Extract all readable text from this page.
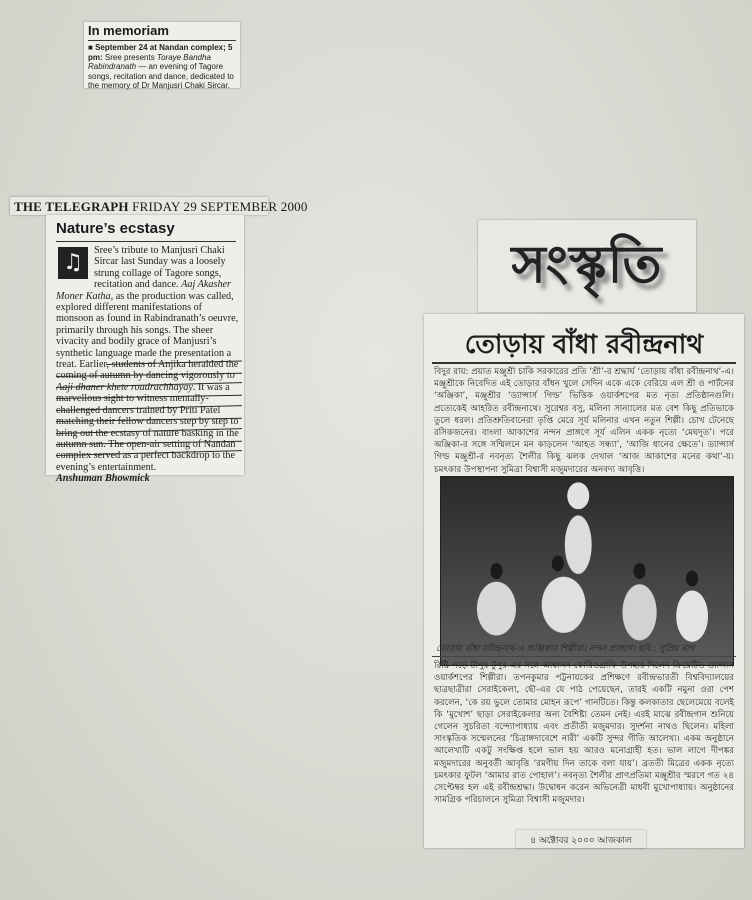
In memoriam
■ September 24 at Nandan complex; 5 pm: Sree presents Toraye Bandha Rabindranath — an evening of Tagore songs, recitation and dance, dedicated to the memory of Dr Manjusri Chaki Sircar.
THE TELEGRAPH FRIDAY 29 SEPTEMBER 2000
Nature’s ecstasy
♫	Sree’s tribute to Manjusri Chaki Sircar last Sunday was a loosely strung collage of Tagore songs, recitation and dance. Aaj Akasher Moner Katha, as the production was called, explored different manifestations of monsoon as found in Rabindranath’s oeuvre, primarily through his songs. The sheer vivacity and bodily grace of Manjusri’s synthetic language made the presentation a treat. Earlier, students of Anjika heralded the coming of autumn by dancing vigorously to Aaji dhaner khete roudrachhayay. It was a marvellous sight to witness mentally-challenged dancers trained by Priti Patel matching their fellow dancers step by step to bring out the ecstasy of nature basking in the autumn sun. The open-air setting of Nandan complex served as a perfect backdrop to the evening’s entertainment.
Anshuman Bhowmick
সংস্কৃতি
তোড়ায় বাঁধা রবীন্দ্রনাথ
বিদুর রায়: প্রয়াত মঞ্জুশ্রী চাকি সরকারের প্রতি ‘শ্রী’-র শ্রদ্ধার্ঘ ‘তোড়ায় বাঁধা রবীন্দ্রনাথ’-এ। মঞ্জুশ্রীকে নিবেদিত এই তোড়ার বাঁধন খুলে সেদিন একে একে বেরিয়ে এল শ্রী ও পার্টনের ‘অঞ্জিকা’, মঞ্জুশ্রীর ‘ড্যান্সার্স গিল্ড’ ভিত্তিক ওয়ার্কশপের মত নৃত্য প্রতিষ্ঠানগুলি। প্রত্যেকেই আহরিত রবীন্দ্রনাথে। সুরেশ্বর বসু, মলিনা সান্যালের মত বেশ কিছু প্রতিভাকে তুলে ধরল। প্রতিশ্রুতিবানেরা তৃপ্তি মেরে সূর্য মলিনার এখন নতুন শিল্পী। চোখ টেনেছে রসিকজনের। বাংলা আকাশের নন্দন প্রাঙ্গণে সূর্য এলিন একক নৃত্যে ‘মেঘদূত’। পরে অঞ্জিকা-র সঙ্গে সম্মিলনে মন কাড়লেন ‘আহত সন্ধ্যা’, ‘আজি ধানের ক্ষেতে’। ড্যান্সার্স গিল্ড মঞ্জুশ্রী-র নবনৃত্য শৈলীর কিছু ঝলক দেখাল ‘আজ আকাশের মনের কথা’-য়। চমৎকার উপস্থাপনা সুমিত্রা বিশ্বাসী মজুমদারের অনবদ্য আবৃত্তি।
তোড়ায় বাঁধা রবীন্দ্রনাথ-এ অঞ্জিকার শিল্পীরা। নন্দন প্রাঙ্গণে। ছবি : সুপ্রিয় নাগ
রিষ্টি পড়ে টাপুর টুপুর-এর সঙ্গে আশ্বাসন কোরিওগ্রাফি উপহার দিলেন ক্রিয়েটিভ ড্যান্সার্স ওয়ার্কশপের শিল্পীরা। তপনকুমার পট্টনায়কের প্রশিক্ষণে রবীন্দ্রভারতী বিশ্ববিদ্যালয়ের ছাত্রছাত্রীরা সেরাইকেলা, ছৌ-এর যে পাঠ পেয়েছেন, তারই একটি নমুনা ওরা পেশ করলেন, ‘কে রয় ভুলে তোমার মোহন রূপে’ গানটিতে। কিন্তু কলকাতার ছেলেমেয়ে বলেই কি ‘মুখোশ’ ছাড়া সেরাইকেলার অন্য বৈশিষ্ট্য তেমন নেই। এরই মাঝে রবীন্দ্রগান শুনিয়ে গেলেন সুচরিতা বন্দ্যোপাধ্যায় এবং প্রতীতী মজুমদার। সুদর্শনা নাথও ছিলেন। মহিলা সাংস্কৃতিক সম্মেলনের ‘চিত্রাঙ্গদাবেশে নারী’ একটি সুন্দর গীতি আলেখ্য। একম অনুষ্ঠানে আলেখ্যটি একটু সংক্ষিপ্ত হলে ভাল হয় আরও মনোগ্রাহী হত। ভাল লাগে দীপঙ্কর মজুমদারের অনুবর্তী আবৃত্তি ‘রমণীয় দিন তাকে বলা যায়’। ব্রততী মিত্রের একক নৃত্যে চমৎকার ফুটল ‘আমার রাত পোহাল’। নবনৃত্য শৈলীর প্রাণপ্রতিমা মঞ্জুশ্রীর স্মরণে গত ২৪ সেপ্টেম্বর হল এই রবীন্দ্রশ্রদ্ধা। উদ্বোধন করেন অভিনেত্রী মাধবী মুখোপাধ্যায়। অনুষ্ঠানের সামগ্রিক পরিচালনে সুমিত্রা বিশ্বাসী মজুমদার।
৪ অক্টোবর ২০০০ আজকাল
